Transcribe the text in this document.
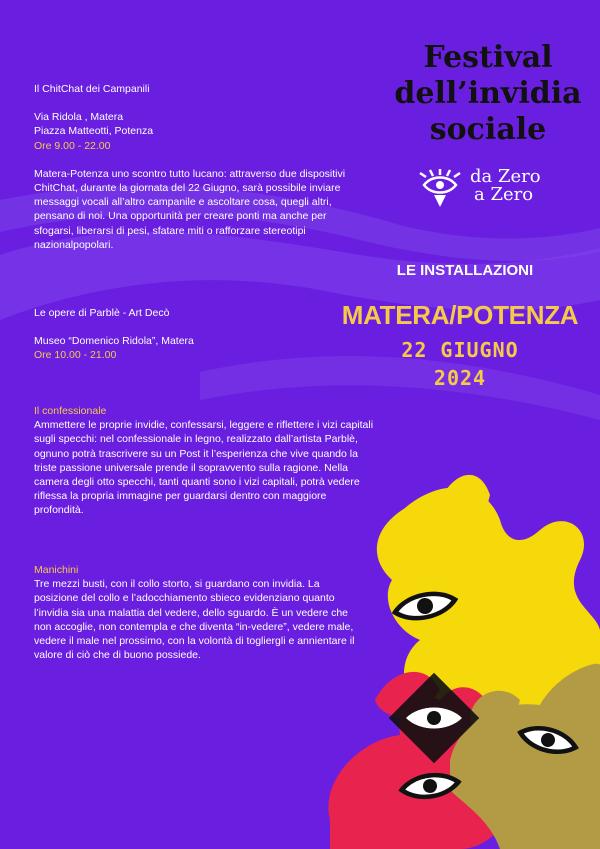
Festival
dell’invidia
sociale
da Zero
a Zero
LE INSTALLAZIONI
MATERA/POTENZA
22 GIUGNO
2024

Il ChitChat dei Campanili

Via Ridola , Matera

Piazza Matteotti, Potenza

Ore 9.00 - 22.00

Matera-Potenza uno scontro tutto lucano: attraverso due dispositivi ChitChat, durante la giornata del 22 Giugno, sarà possibile inviare messaggi vocali all’altro campanile e ascoltare cosa, quegli altri, pensano di noi. Una opportunità per creare ponti ma anche per sfogarsi, liberarsi di pesi, sfatare miti o rafforzare stereotipi nazionalpopolari.

Le opere di Parblè - Art Decò

Museo “Domenico Ridola”, Matera

Ore 10.00 - 21.00

Il confessionale

Ammettere le proprie invidie, confessarsi, leggere e riflettere i vizi capitali sugli specchi: nel confessionale in legno, realizzato dall’artista Parblè, ognuno potrà trascrivere su un Post it l’esperienza che vive quando la triste passione universale prende il sopravvento sulla ragione. Nella camera degli otto specchi, tanti quanti sono i vizi capitali, potrà vedere riflessa la propria immagine per guardarsi dentro con maggiore profondità.

Manichini

Tre mezzi busti, con il collo storto, si guardano con invidia. La posizione del collo e l’adocchiamento sbieco evidenziano quanto l’invidia sia una malattia del vedere, dello sguardo. È un vedere che non accoglie, non contempla e che diventa “in-vedere”, vedere male, vedere il male nel prossimo, con la volontà di togliergli e annientare il valore di ciò che di buono possiede.
